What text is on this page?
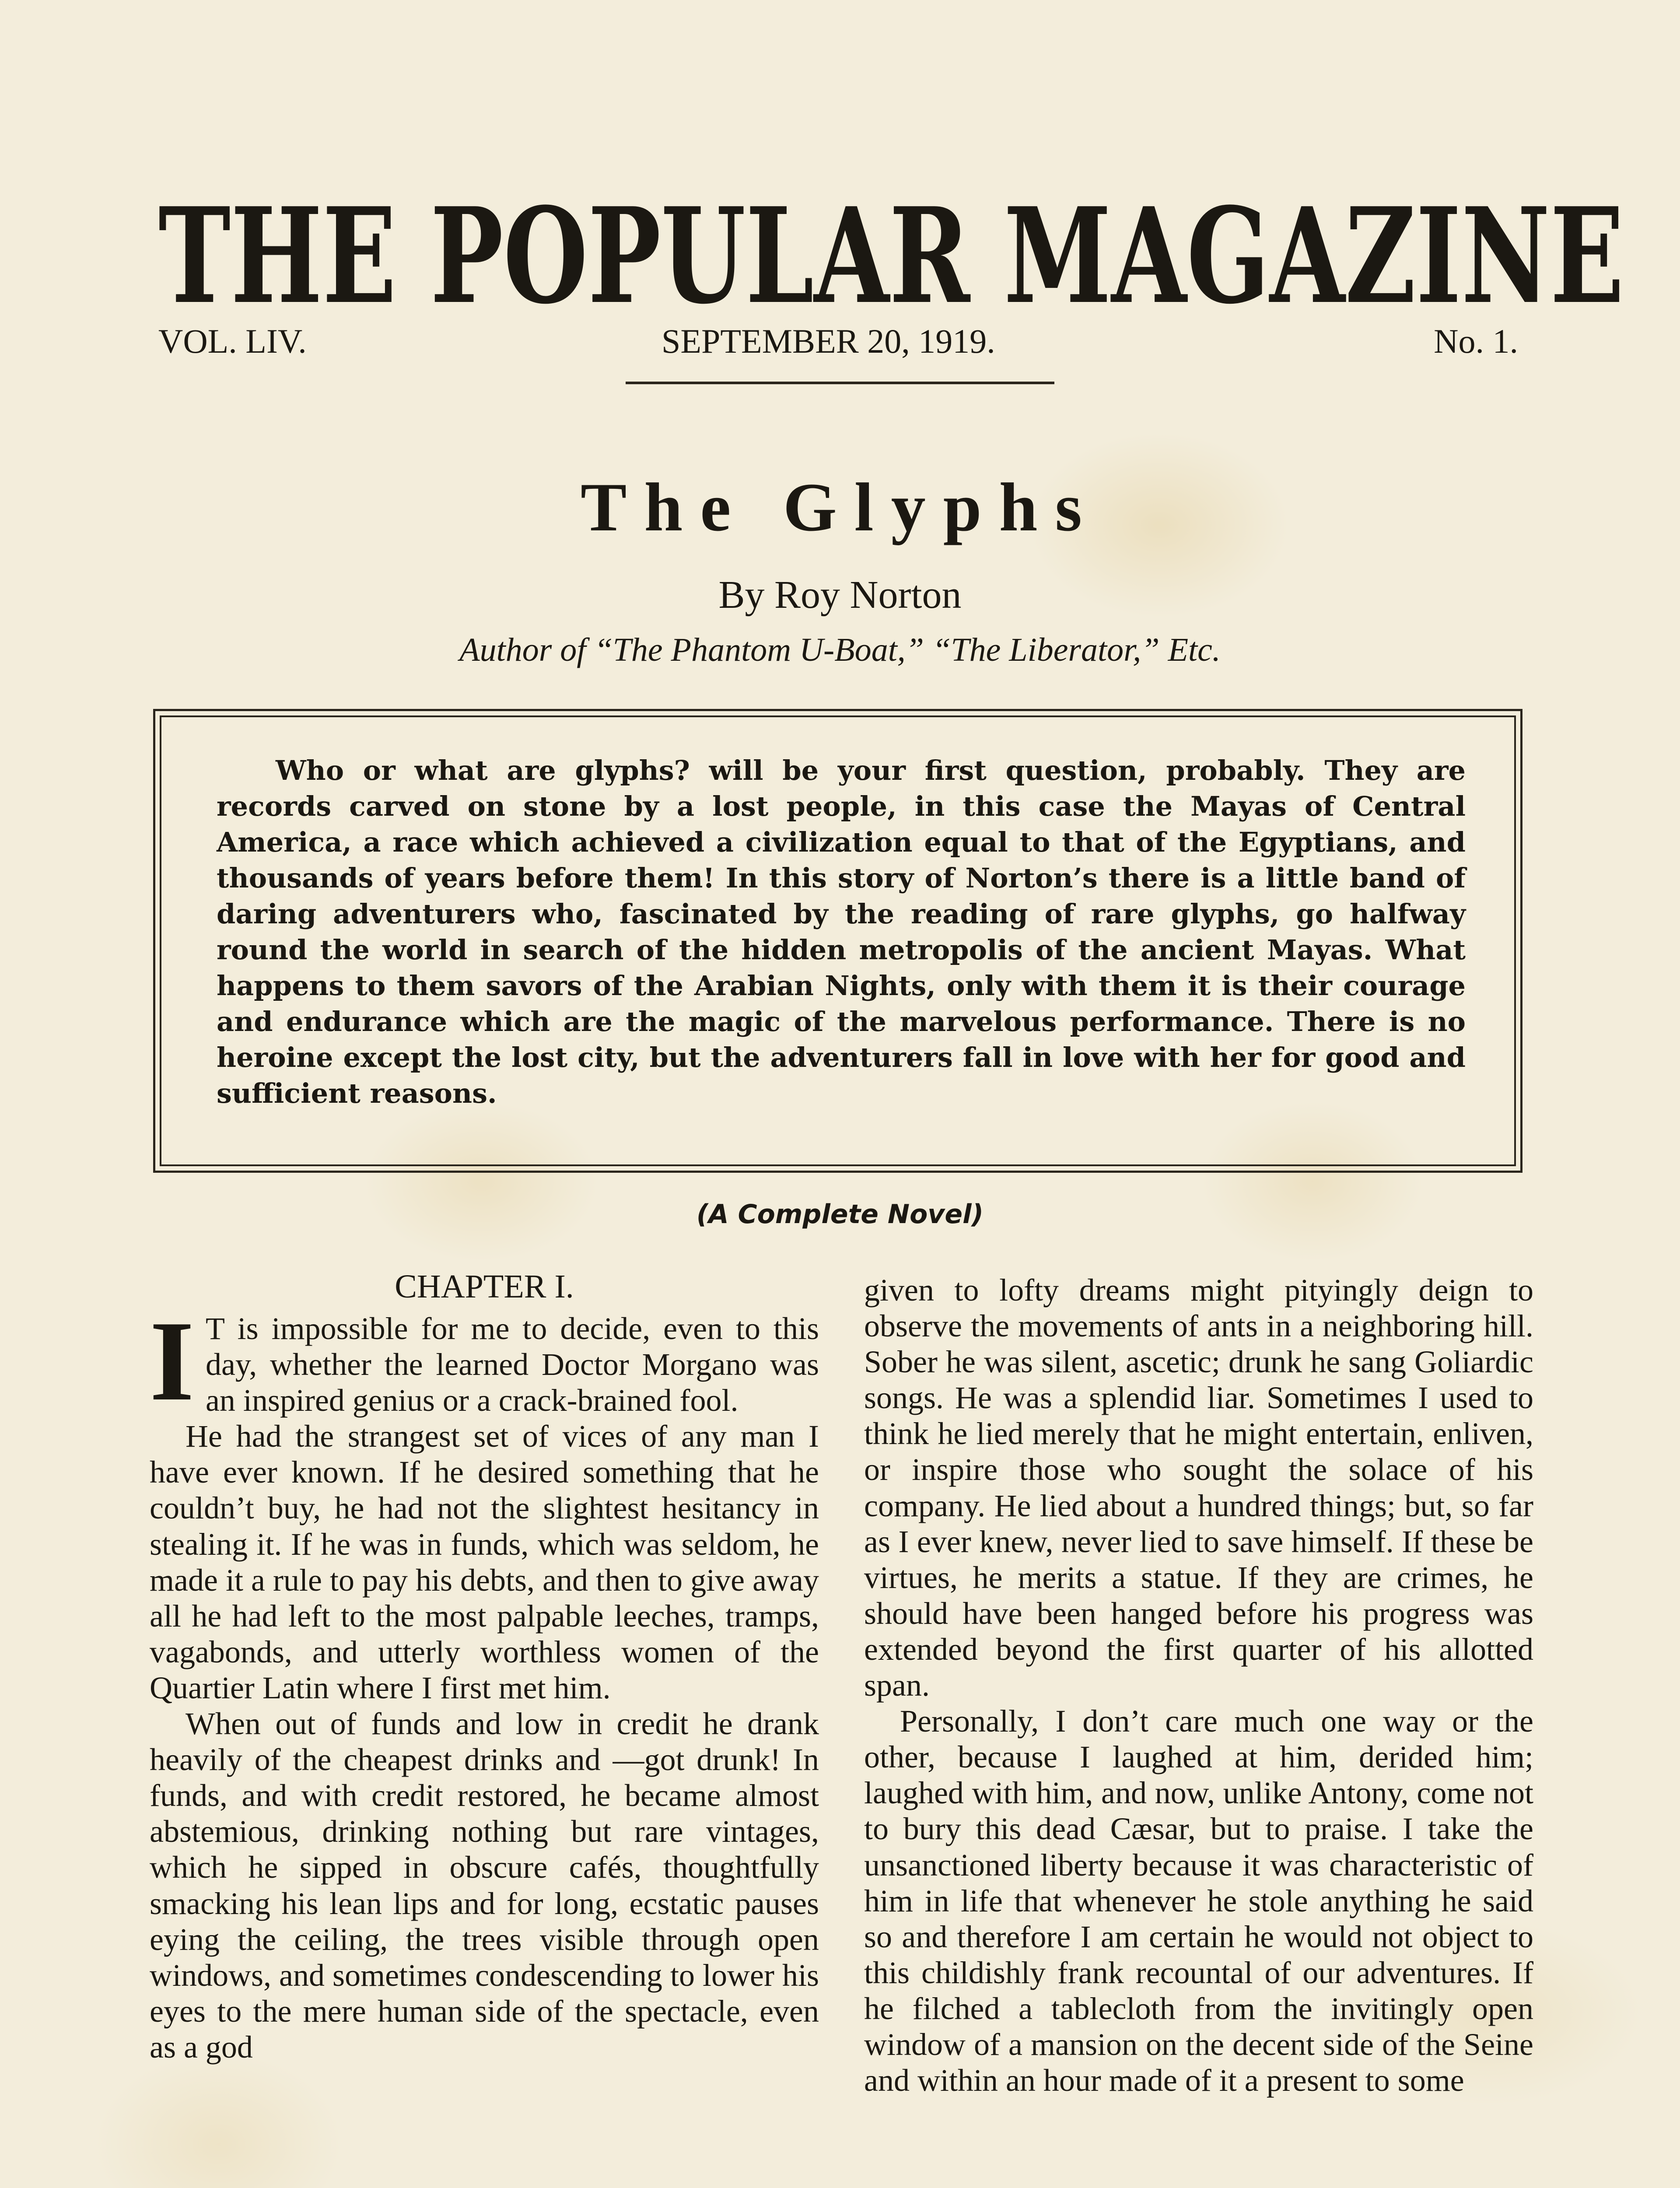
THE POPULAR MAGAZINE
VOL. LIV.	SEPTEMBER 20, 1919.	No. 1.
The Glyphs
By Roy Norton
Author of “The Phantom U-Boat,” “The Liberator,” Etc.
Who or what are glyphs? will be your first question, probably. They are records carved on stone by a lost people, in this case the Mayas of Central America, a race which achieved a civilization equal to that of the Egyptians, and thousands of years before them! In this story of Norton’s there is a little band of daring adventurers who, fascinated by the reading of rare glyphs, go halfway round the world in search of the hidden metropolis of the ancient Mayas. What happens to them savors of the Arabian Nights, only with them it is their courage and endurance which are the magic of the marvelous performance. There is no heroine except the lost city, but the adventurers fall in love with her for good and sufficient reasons.
(A Complete Novel)

CHAPTER I.

I T is impossible for me to decide, even to this day, whether the learned Doctor Morgano was an inspired genius or a crack-brained fool.

He had the strangest set of vices of any man I have ever known. If he desired something that he couldn’t buy, he had not the slightest hesitancy in stealing it. If he was in funds, which was seldom, he made it a rule to pay his debts, and then to give away all he had left to the most palpable leeches, tramps, vagabonds, and utterly worthless women of the Quartier Latin where I first met him.

When out of funds and low in credit he drank heavily of the cheapest drinks and —got drunk! In funds, and with credit restored, he became almost abstemious, drinking nothing but rare vintages, which he sipped in obscure cafés, thoughtfully smacking his lean lips and for long, ecstatic pauses eying the ceiling, the trees visible through open windows, and sometimes condescending to lower his eyes to the mere human side of the spectacle, even as a god

given to lofty dreams might pityingly deign to observe the movements of ants in a neighboring hill. Sober he was silent, ascetic; drunk he sang Goliardic songs. He was a splendid liar. Sometimes I used to think he lied merely that he might entertain, enliven, or inspire those who sought the solace of his company. He lied about a hundred things; but, so far as I ever knew, never lied to save himself. If these be virtues, he merits a statue. If they are crimes, he should have been hanged before his progress was extended beyond the first quarter of his allotted span.

Personally, I don’t care much one way or the other, because I laughed at him, derided him; laughed with him, and now, unlike Antony, come not to bury this dead Cæsar, but to praise. I take the unsanctioned liberty because it was characteristic of him in life that whenever he stole anything he said so and therefore I am certain he would not object to this childishly frank recountal of our adventures. If he filched a tablecloth from the invitingly open window of a mansion on the decent side of the Seine and within an hour made of it a present to some
